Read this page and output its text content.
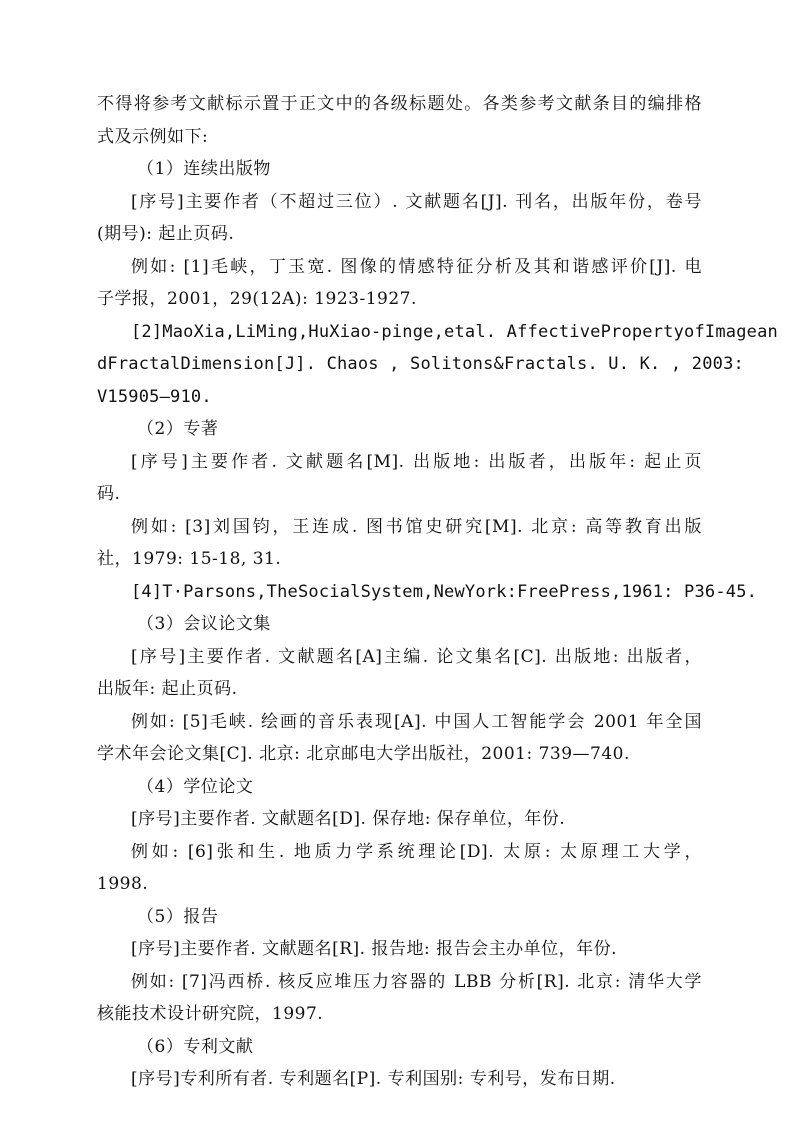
不得将参考文献标示置于正文中的各级标题处。各类参考文献条目的编排格
式及示例如下:
（1）连续出版物
[序号]主要作者（不超过三位）. 文献题名[J]. 刊名，出版年份，卷号
(期号): 起止页码.
例如: [1]毛峡，丁玉宽. 图像的情感特征分析及其和谐感评价[J]. 电
子学报，2001，29(12A): 1923-1927.
[2]MaoXia,LiMing,HuXiao-pinge,etal. AffectivePropertyofImagean
dFractalDimension[J]. Chaos , Solitons&Fractals. U. K. , 2003:
V15905—910.
（2）专著
[序号]主要作者. 文献题名[M]. 出版地: 出版者，出版年: 起止页
码.
例如: [3]刘国钧，王连成. 图书馆史研究[M]. 北京: 高等教育出版
社，1979: 15-18, 31.
[4]T·Parsons,TheSocialSystem,NewYork:FreePress,1961: P36-45.
（3）会议论文集
[序号]主要作者. 文献题名[A]主编. 论文集名[C]. 出版地: 出版者，
出版年: 起止页码.
例如: [5]毛峡. 绘画的音乐表现[A]. 中国人工智能学会 2001 年全国
学术年会论文集[C]. 北京: 北京邮电大学出版社，2001: 739—740.
（4）学位论文
[序号]主要作者. 文献题名[D]. 保存地: 保存单位，年份.
例如: [6]张和生. 地质力学系统理论[D]. 太原: 太原理工大学，
1998.
（5）报告
[序号]主要作者. 文献题名[R]. 报告地: 报告会主办单位，年份.
例如: [7]冯西桥. 核反应堆压力容器的 LBB 分析[R]. 北京: 清华大学
核能技术设计研究院，1997.
（6）专利文献
[序号]专利所有者. 专利题名[P]. 专利国别: 专利号，发布日期.
